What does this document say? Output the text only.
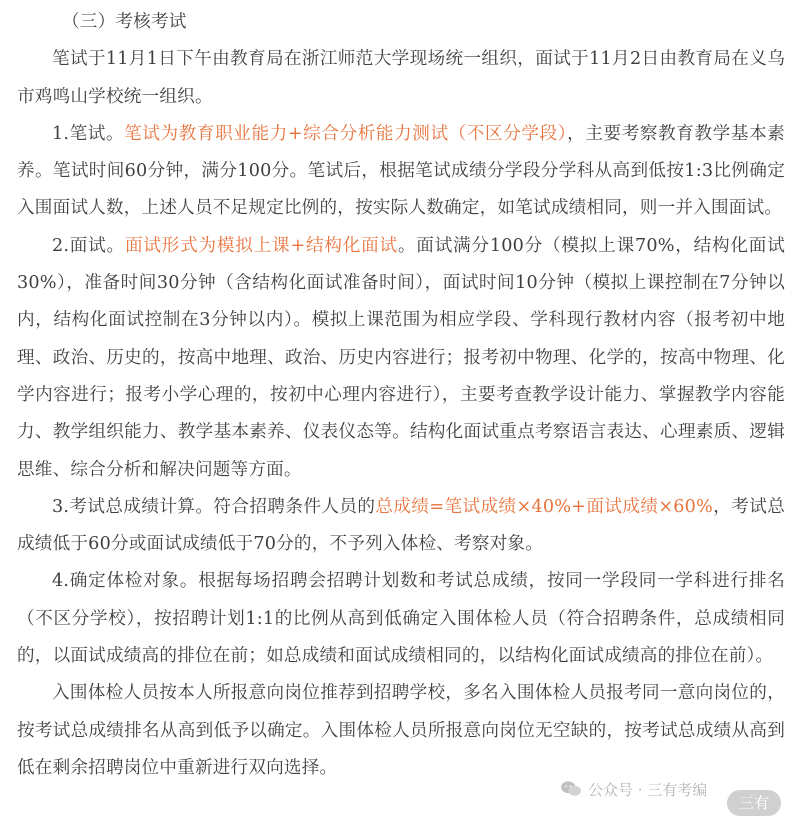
（三）考核考试

笔试于11月1日下午由教育局在浙江师范大学现场统一组织，面试于11月2日由教育局在义乌市鸡鸣山学校统一组织。

1.笔试。笔试为教育职业能力+综合分析能力测试（不区分学段），主要考察教育教学基本素养。笔试时间60分钟，满分100分。笔试后，根据笔试成绩分学段分学科从高到低按1:3比例确定入围面试人数，上述人员不足规定比例的，按实际人数确定，如笔试成绩相同，则一并入围面试。

2.面试。面试形式为模拟上课+结构化面试。面试满分100分（模拟上课70%，结构化面试30%），准备时间30分钟（含结构化面试准备时间），面试时间10分钟（模拟上课控制在7分钟以内，结构化面试控制在3分钟以内）。模拟上课范围为相应学段、学科现行教材内容（报考初中地理、政治、历史的，按高中地理、政治、历史内容进行；报考初中物理、化学的，按高中物理、化学内容进行；报考小学心理的，按初中心理内容进行），主要考查教学设计能力、掌握教学内容能力、教学组织能力、教学基本素养、仪表仪态等。结构化面试重点考察语言表达、心理素质、逻辑思维、综合分析和解决问题等方面。

3.考试总成绩计算。符合招聘条件人员的总成绩=笔试成绩×40%+面试成绩×60%，考试总成绩低于60分或面试成绩低于70分的，不予列入体检、考察对象。

4.确定体检对象。根据每场招聘会招聘计划数和考试总成绩，按同一学段同一学科进行排名（不区分学校），按招聘计划1:1的比例从高到低确定入围体检人员（符合招聘条件，总成绩相同的，以面试成绩高的排位在前；如总成绩和面试成绩相同的，以结构化面试成绩高的排位在前）。

入围体检人员按本人所报意向岗位推荐到招聘学校，多名入围体检人员报考同一意向岗位的，按考试总成绩排名从高到低予以确定。入围体检人员所报意向岗位无空缺的，按考试总成绩从高到低在剩余招聘岗位中重新进行双向选择。

公众号 · 三有考编
三有
